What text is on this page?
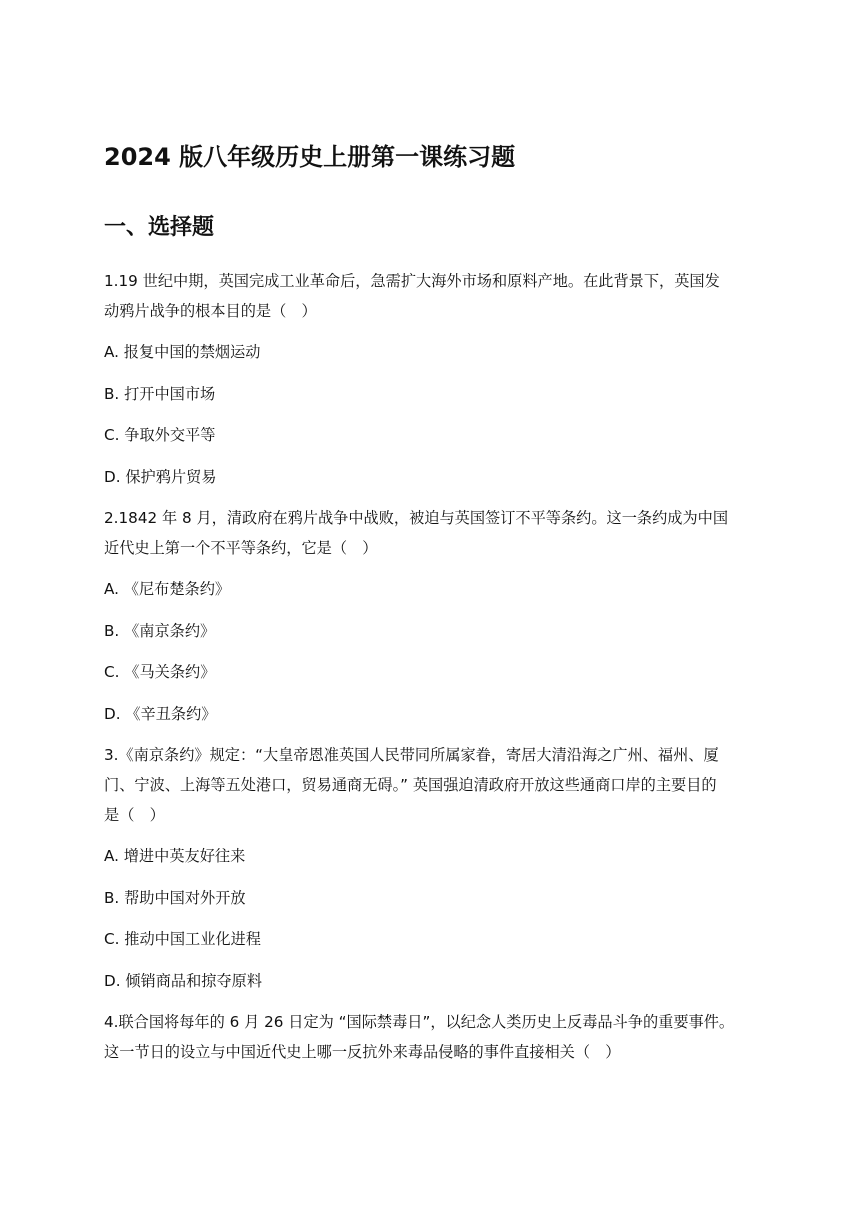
2024 版八年级历史上册第一课练习题
一、选择题
1.19 世纪中期，英国完成工业革命后，急需扩大海外市场和原料产地。在此背景下，英国发
动鸦片战争的根本目的是（　）
A. 报复中国的禁烟运动
B. 打开中国市场
C. 争取外交平等
D. 保护鸦片贸易
2.1842 年 8 月，清政府在鸦片战争中战败，被迫与英国签订不平等条约。这一条约成为中国
近代史上第一个不平等条约，它是（　）
A. 《尼布楚条约》
B. 《南京条约》
C. 《马关条约》
D. 《辛丑条约》
3.《南京条约》规定：“大皇帝恩准英国人民带同所属家眷，寄居大清沿海之广州、福州、厦
门、宁波、上海等五处港口，贸易通商无碍。” 英国强迫清政府开放这些通商口岸的主要目的
是（　）
A. 增进中英友好往来
B. 帮助中国对外开放
C. 推动中国工业化进程
D. 倾销商品和掠夺原料
4.联合国将每年的 6 月 26 日定为 “国际禁毒日”，以纪念人类历史上反毒品斗争的重要事件。
这一节日的设立与中国近代史上哪一反抗外来毒品侵略的事件直接相关（　）
